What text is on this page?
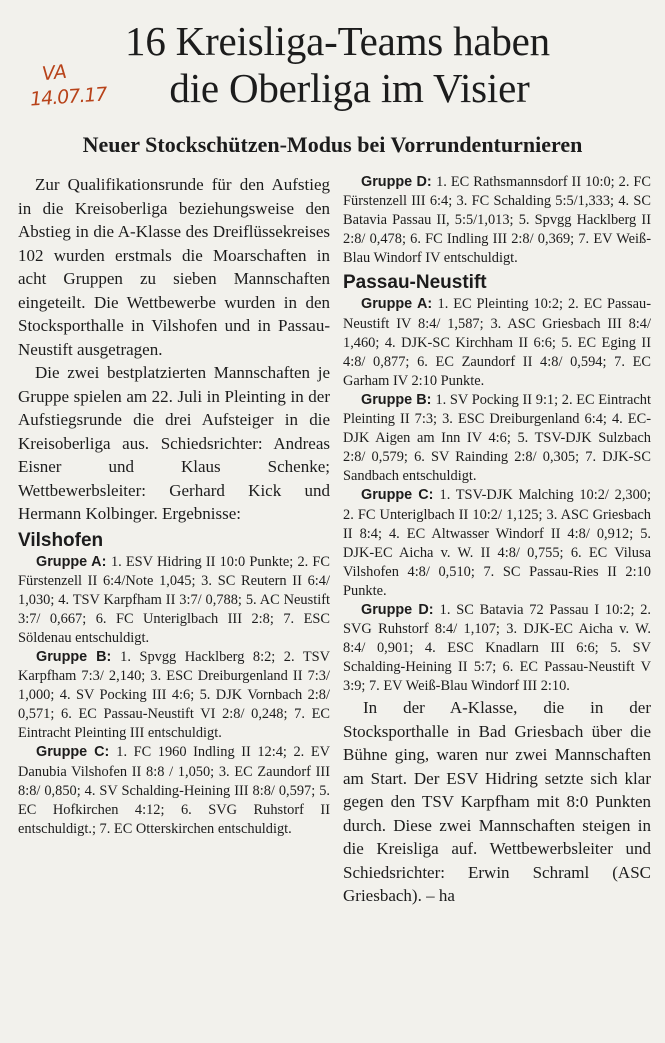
16 Kreisliga-Teams haben
die Oberliga im Visier
VA
14.07.17
Neuer Stockschützen-Modus bei Vorrundenturnieren

Zur Qualifikationsrunde für den Aufstieg in die Kreisoberliga beziehungsweise den Abstieg in die A-Klasse des Dreiflüssekreises 102 wurden erstmals die Moarschaften in acht Gruppen zu sieben Mannschaften eingeteilt. Die Wettbewerbe wurden in den Stocksporthalle in Vilshofen und in Passau-Neustift ausgetragen.

Die zwei bestplatzierten Mannschaften je Gruppe spielen am 22. Juli in Pleinting in der Aufstiegsrunde die drei Aufsteiger in die Kreisoberliga aus. Schiedsrichter: Andreas Eisner und Klaus Schenke; Wettbewerbsleiter: Gerhard Kick und Hermann Kolbinger. Ergebnisse:

Vilshofen

Gruppe A: 1. ESV Hidring II 10:0 Punkte; 2. FC Fürstenzell II 6:4/Note 1,045; 3. SC Reutern II 6:4/ 1,030; 4. TSV Karpfham II 3:7/ 0,788; 5. AC Neustift 3:7/ 0,667; 6. FC Unteriglbach III 2:8; 7. ESC Söldenau entschuldigt.

Gruppe B: 1. Spvgg Hacklberg 8:2; 2. TSV Karpfham 7:3/ 2,140; 3. ESC Dreiburgenland II 7:3/ 1,000; 4. SV Pocking III 4:6; 5. DJK Vornbach 2:8/ 0,571; 6. EC Passau-Neustift VI 2:8/ 0,248; 7. EC Eintracht Pleinting III entschuldigt.

Gruppe C: 1. FC 1960 Indling II 12:4; 2. EV Danubia Vilshofen II 8:8 / 1,050; 3. EC Zaundorf III 8:8/ 0,850; 4. SV Schalding-Heining III 8:8/ 0,597; 5. EC Hofkirchen 4:12; 6. SVG Ruhstorf II entschuldigt.; 7. EC Otterskirchen entschuldigt.

Gruppe D: 1. EC Rathsmannsdorf II 10:0; 2. FC Fürstenzell III 6:4; 3. FC Schalding 5:5/1,333; 4. SC Batavia Passau II, 5:5/1,013; 5. Spvgg Hacklberg II 2:8/ 0,478; 6. FC Indling III 2:8/ 0,369; 7. EV Weiß-Blau Windorf IV entschuldigt.

Passau-Neustift

Gruppe A: 1. EC Pleinting 10:2; 2. EC Passau-Neustift IV 8:4/ 1,587; 3. ASC Griesbach III 8:4/ 1,460; 4. DJK-SC Kirchham II 6:6; 5. EC Eging II 4:8/ 0,877; 6. EC Zaundorf II 4:8/ 0,594; 7. EC Garham IV 2:10 Punkte.

Gruppe B: 1. SV Pocking II 9:1; 2. EC Eintracht Pleinting II 7:3; 3. ESC Dreiburgenland 6:4; 4. EC-DJK Aigen am Inn IV 4:6; 5. TSV-DJK Sulzbach 2:8/ 0,579; 6. SV Rainding 2:8/ 0,305; 7. DJK-SC Sandbach entschuldigt.

Gruppe C: 1. TSV-DJK Malching 10:2/ 2,300; 2. FC Unteriglbach II 10:2/ 1,125; 3. ASC Griesbach II 8:4; 4. EC Altwasser Windorf II 4:8/ 0,912; 5. DJK-EC Aicha v. W. II 4:8/ 0,755; 6. EC Vilusa Vilshofen 4:8/ 0,510; 7. SC Passau-Ries II 2:10 Punkte.

Gruppe D: 1. SC Batavia 72 Passau I 10:2; 2. SVG Ruhstorf 8:4/ 1,107; 3. DJK-EC Aicha v. W. 8:4/ 0,901; 4. ESC Knadlarn III 6:6; 5. SV Schalding-Heining II 5:7; 6. EC Passau-Neustift V 3:9; 7. EV Weiß-Blau Windorf III 2:10.

In der A-Klasse, die in der Stocksporthalle in Bad Griesbach über die Bühne ging, waren nur zwei Mannschaften am Start. Der ESV Hidring setzte sich klar gegen den TSV Karpfham mit 8:0 Punkten durch. Diese zwei Mannschaften steigen in die Kreisliga auf. Wettbewerbsleiter und Schiedsrichter: Erwin Schraml (ASC Griesbach). – ha
